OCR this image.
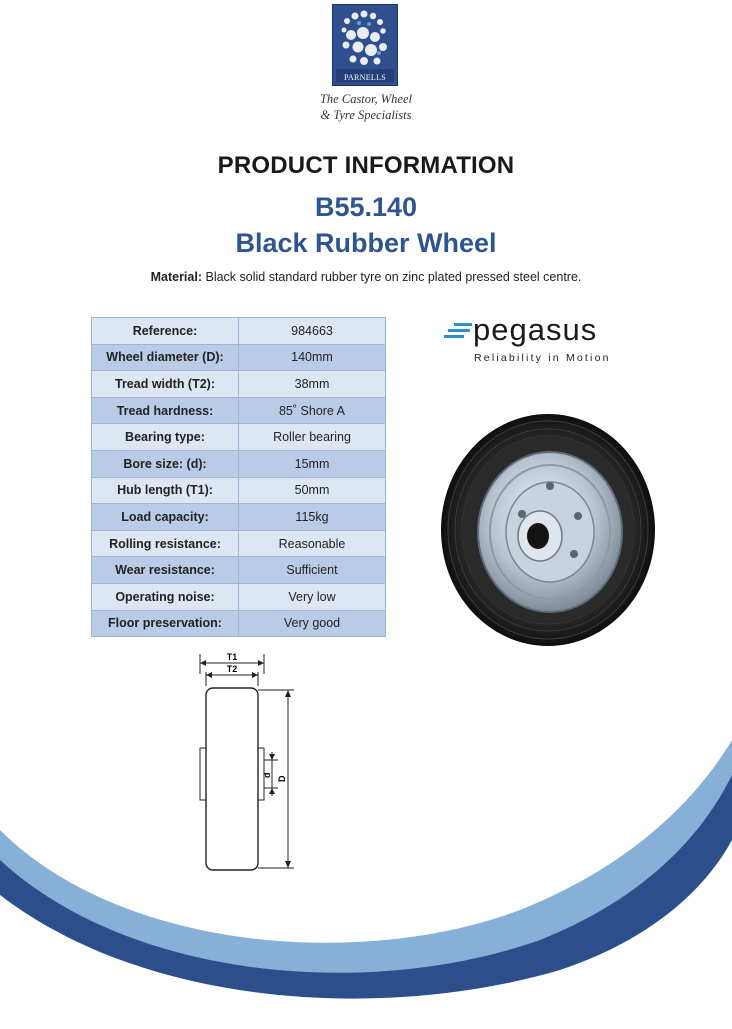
PARNELLS
The Castor, Wheel
& Tyre Specialists
PRODUCT INFORMATION
B55.140
Black Rubber Wheel
Material: Black solid standard rubber tyre on zinc plated pressed steel centre.
Reference:	984663
Wheel diameter (D):	140mm
Tread width (T2):	38mm
Tread hardness:	85˚ Shore A
Bearing type:	Roller bearing
Bore size: (d):	15mm
Hub length (T1):	50mm
Load capacity:	115kg
Rolling resistance:	Reasonable
Wear resistance:	Sufficient
Operating noise:	Very low
Floor preservation:	Very good
pegasus
Reliability in Motion
T1
T2
d
D
